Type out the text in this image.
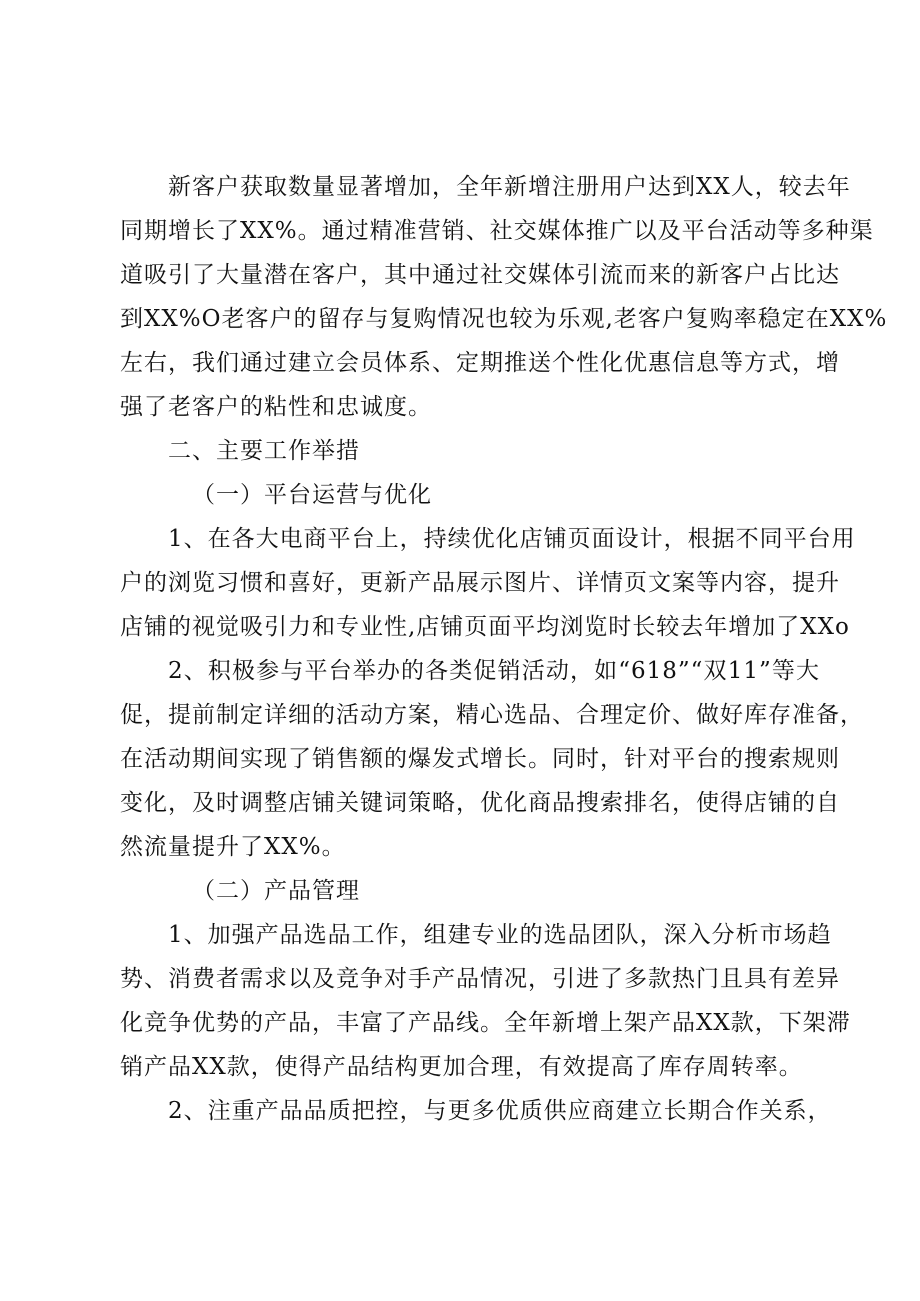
新客户获取数量显著增加，全年新增注册用户达到XX人，较去年
同期增长了XX%。通过精准营销、社交媒体推广以及平台活动等多种渠
道吸引了大量潜在客户，其中通过社交媒体引流而来的新客户占比达
到XX%O老客户的留存与复购情况也较为乐观,老客户复购率稳定在XX%
左右，我们通过建立会员体系、定期推送个性化优惠信息等方式，增
强了老客户的粘性和忠诚度。
二、主要工作举措
（一）平台运营与优化
1、在各大电商平台上，持续优化店铺页面设计，根据不同平台用
户的浏览习惯和喜好，更新产品展示图片、详情页文案等内容，提升
店铺的视觉吸引力和专业性,店铺页面平均浏览时长较去年增加了XXo
2、积极参与平台举办的各类促销活动，如“618”“双11”等大
促，提前制定详细的活动方案，精心选品、合理定价、做好库存准备，
在活动期间实现了销售额的爆发式增长。同时，针对平台的搜索规则
变化，及时调整店铺关键词策略，优化商品搜索排名，使得店铺的自
然流量提升了XX%。
（二）产品管理
1、加强产品选品工作，组建专业的选品团队，深入分析市场趋
势、消费者需求以及竞争对手产品情况，引进了多款热门且具有差异
化竞争优势的产品，丰富了产品线。全年新增上架产品XX款，下架滞
销产品XX款，使得产品结构更加合理，有效提高了库存周转率。
2、注重产品品质把控，与更多优质供应商建立长期合作关系，
